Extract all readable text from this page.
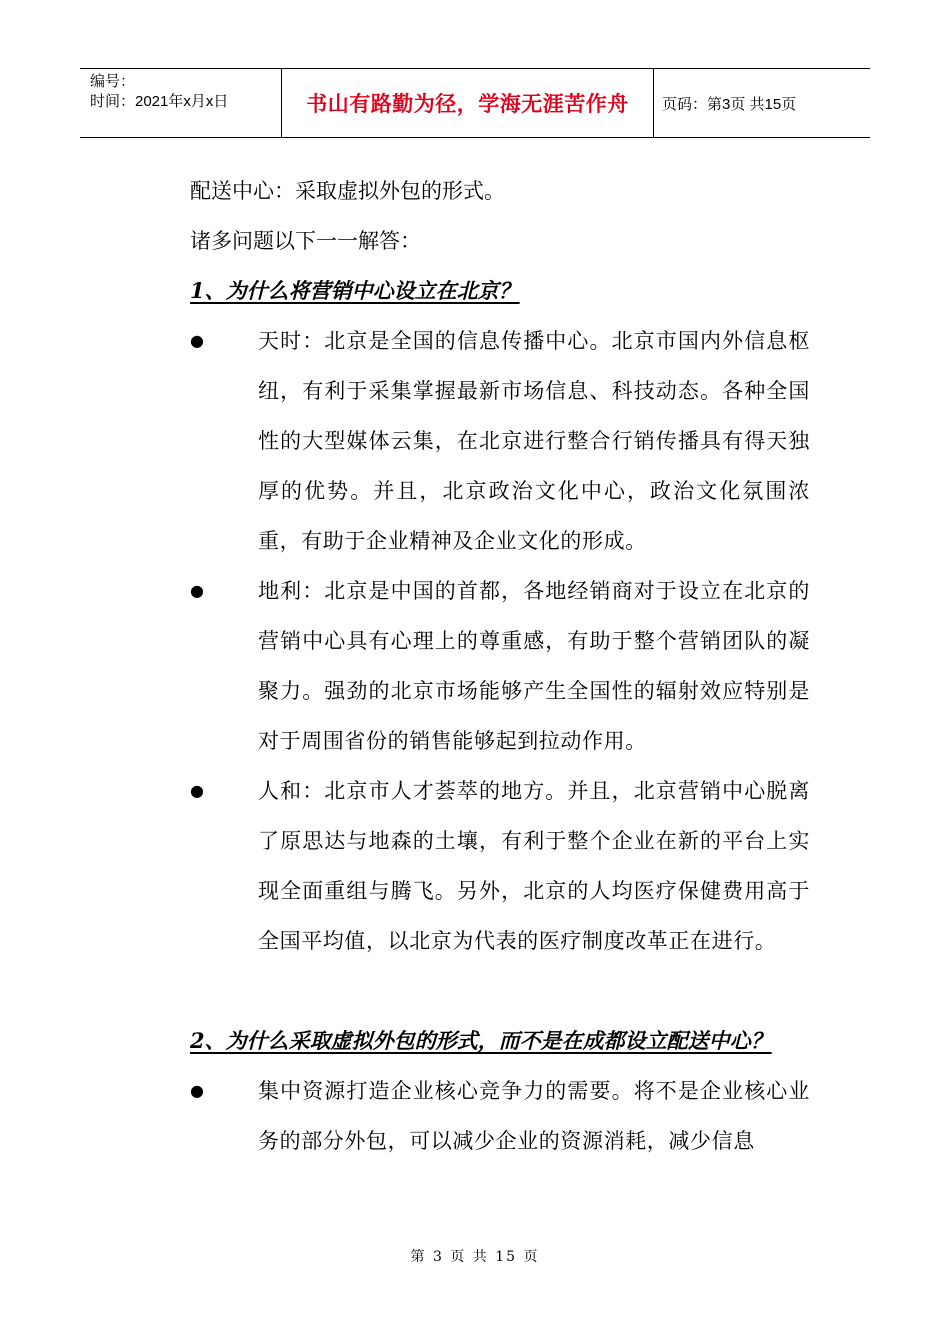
编号：
时间：2021年x月x日	书山有路勤为径，学海无涯苦作舟 页码：第3页 共15页

配送中心：采取虚拟外包的形式。

诸多问题以下一一解答：

1、为什么将营销中心设立在北京？

●	天时：北京是全国的信息传播中心。北京市国内外信息枢纽，有利于采集掌握最新市场信息、科技动态。各种全国性的大型媒体云集，在北京进行整合行销传播具有得天独厚的优势。并且，北京政治文化中心，政治文化氛围浓重，有助于企业精神及企业文化的形成。

●	地利：北京是中国的首都，各地经销商对于设立在北京的营销中心具有心理上的尊重感，有助于整个营销团队的凝聚力。强劲的北京市场能够产生全国性的辐射效应特别是对于周围省份的销售能够起到拉动作用。

●	人和：北京市人才荟萃的地方。并且，北京营销中心脱离了原思达与地森的土壤，有利于整个企业在新的平台上实现全面重组与腾飞。另外，北京的人均医疗保健费用高于全国平均值，以北京为代表的医疗制度改革正在进行。

2、为什么采取虚拟外包的形式，而不是在成都设立配送中心？

●	集中资源打造企业核心竞争力的需要。将不是企业核心业务的部分外包，可以减少企业的资源消耗，减少信息

第 3 页 共 15 页
